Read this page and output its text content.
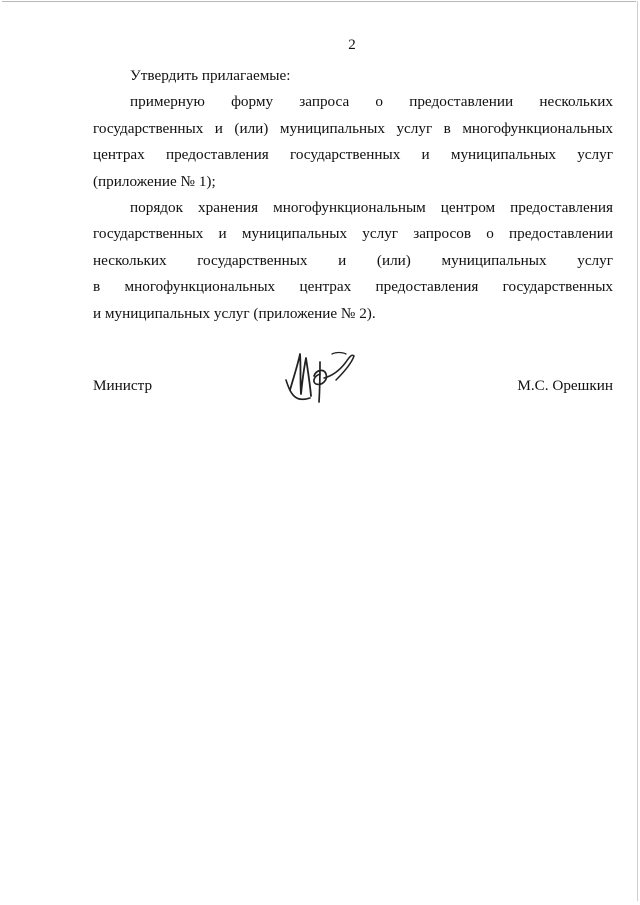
2
Утвердить прилагаемые:
примерную форму запроса о предоставлении нескольких
государственных и (или) муниципальных услуг в многофункциональных
центрах предоставления государственных и муниципальных услуг
(приложение № 1);
порядок хранения многофункциональным центром предоставления
государственных и муниципальных услуг запросов о предоставлении
нескольких государственных и (или) муниципальных услуг
в многофункциональных центрах предоставления государственных
и муниципальных услуг (приложение № 2).
Министр	М.С. Орешкин
